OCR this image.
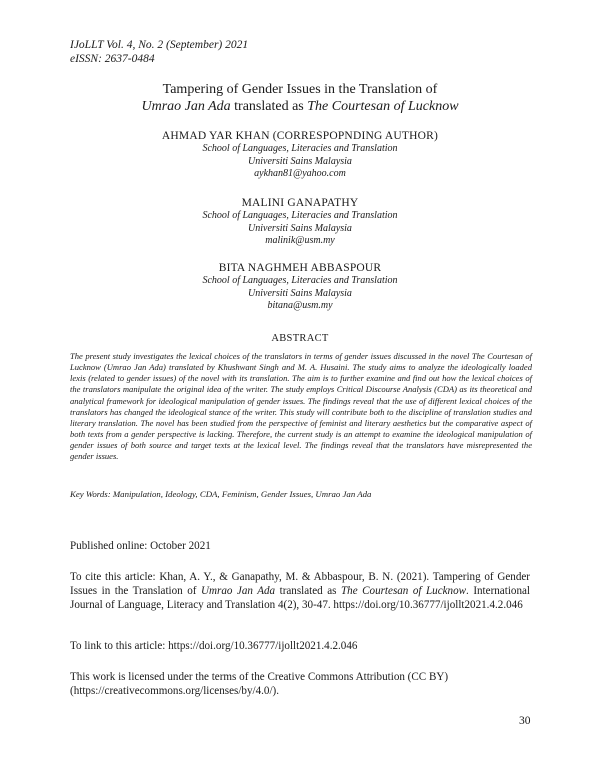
IJoLLT Vol. 4, No. 2 (September) 2021
eISSN: 2637-0484
Tampering of Gender Issues in the Translation of
Umrao Jan Ada translated as The Courtesan of Lucknow
AHMAD YAR KHAN (CORRESPOPNDING AUTHOR)
School of Languages, Literacies and Translation
Universiti Sains Malaysia
aykhan81@yahoo.com
MALINI GANAPATHY
School of Languages, Literacies and Translation
Universiti Sains Malaysia
malinik@usm.my
BITA NAGHMEH ABBASPOUR
School of Languages, Literacies and Translation
Universiti Sains Malaysia
bitana@usm.my
ABSTRACT
The present study investigates the lexical choices of the translators in terms of gender issues discussed in the novel The Courtesan of Lucknow (Umrao Jan Ada) translated by Khushwant Singh and M. A. Husaini. The study aims to analyze the ideologically loaded lexis (related to gender issues) of the novel with its translation. The aim is to further examine and find out how the lexical choices of the translators manipulate the original idea of the writer. The study employs Critical Discourse Analysis (CDA) as its theoretical and analytical framework for ideological manipulation of gender issues. The findings reveal that the use of different lexical choices of the translators has changed the ideological stance of the writer. This study will contribute both to the discipline of translation studies and literary translation. The novel has been studied from the perspective of feminist and literary aesthetics but the comparative aspect of both texts from a gender perspective is lacking. Therefore, the current study is an attempt to examine the ideological manipulation of gender issues of both source and target texts at the lexical level. The findings reveal that the translators have misrepresented the gender issues.
Key Words: Manipulation, Ideology, CDA, Feminism, Gender Issues, Umrao Jan Ada
Published online: October 2021
To cite this article: Khan, A. Y., & Ganapathy, M. & Abbaspour, B. N. (2021). Tampering of Gender Issues in the Translation of Umrao Jan Ada translated as The Courtesan of Lucknow. International Journal of Language, Literacy and Translation 4(2), 30-47. https://doi.org/10.36777/ijollt2021.4.2.046
To link to this article: https://doi.org/10.36777/ijollt2021.4.2.046
This work is licensed under the terms of the Creative Commons Attribution (CC BY)
(https://creativecommons.org/licenses/by/4.0/).
30
